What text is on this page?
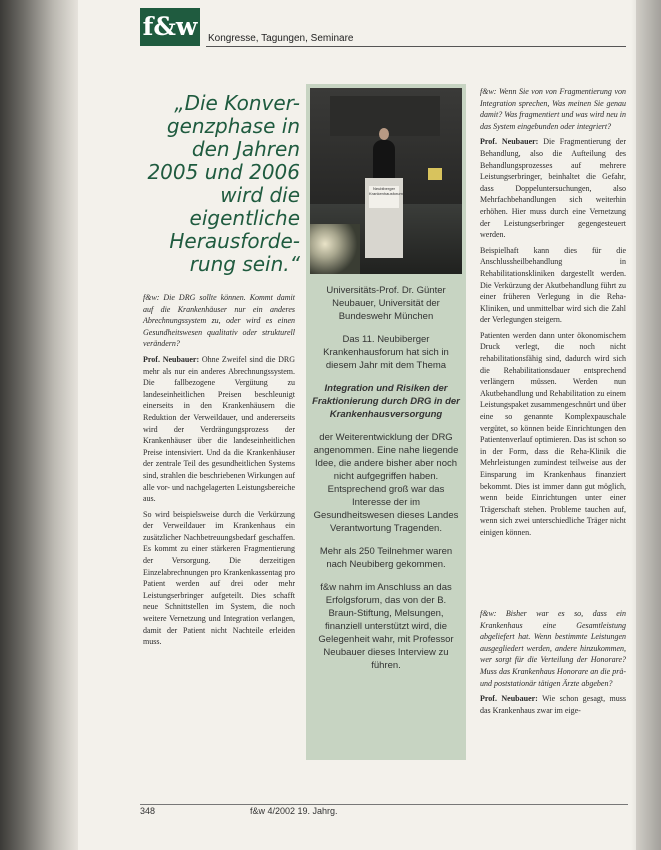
f&w Kongresse, Tagungen, Seminare
„Die Konver-
genzphase in
den Jahren
2005 und 2006
wird die
eigentliche
Herausforde-
rung sein.“

f&w: Die DRG sollte können. Kommt damit auf die Krankenhäuser nur ein anderes Abrechnungssystem zu, oder wird es einen Gesundheitswesen qualitativ oder strukturell verändern?

Prof. Neubauer: Ohne Zweifel sind die DRG mehr als nur ein anderes Abrechnungssystem. Die fallbezogene Vergütung zu landeseinheitlichen Preisen beschleunigt einerseits in den Krankenhäusern die Reduktion der Verweildauer, und andererseits wird der Verdrängungsprozess der Krankenhäuser über die landeseinheitlichen Preise intensiviert. Und da die Krankenhäuser der zentrale Teil des gesundheitlichen Systems sind, strahlen die beschriebenen Wirkungen auf alle vor- und nachgelagerten Leistungsbereiche aus.

So wird beispielsweise durch die Verkürzung der Verweildauer im Krankenhaus ein zusätzlicher Nachbetreuungsbedarf geschaffen. Es kommt zu einer stärkeren Fragmentierung der Versorgung. Die derzeitigen Einzelabrechnungen pro Krankenkassentag pro Patient werden auf drei oder mehr Leistungserbringer aufgeteilt. Dies schafft neue Schnittstellen im System, die noch weitere Vernetzung und Integration verlangen, damit der Patient nicht Nachteile erleiden muss.

Neubiberger Krankenhausforum

Universitäts-Prof. Dr. Günter Neubauer, Universität der Bundeswehr München

Das 11. Neubiberger Krankenhausforum hat sich in diesem Jahr mit dem Thema

Integration und Risiken der Fraktionierung durch DRG in der Krankenhausversorgung

der Weiterentwicklung der DRG angenommen. Eine nahe liegende Idee, die andere bisher aber noch nicht aufgegriffen haben. Entsprechend groß war das Interesse der im Gesundheitswesen dieses Landes Verantwortung Tragenden.

Mehr als 250 Teilnehmer waren nach Neubiberg gekommen.

f&w nahm im Anschluss an das Erfolgsforum, das von der B. Braun-Stiftung, Melsungen, finanziell unterstützt wird, die Gelegenheit wahr, mit Professor Neubauer dieses Interview zu führen.

f&w: Wenn Sie von von Fragmentierung von Integration sprechen, Was meinen Sie genau damit? Was fragmentiert und was wird neu in das System eingebunden oder integriert?

Prof. Neubauer: Die Fragmentierung der Behandlung, also die Aufteilung des Behandlungsprozesses auf mehrere Leistungserbringer, beinhaltet die Gefahr, dass Doppeluntersuchungen, also Mehrfachbehandlungen sich weiterhin erhöhen. Hier muss durch eine Vernetzung der Leistungserbringer gegengesteuert werden.

Beispielhaft kann dies für die Anschlussheilbehandlung in Rehabilitationskliniken dargestellt werden. Die Verkürzung der Akutbehandlung führt zu einer früheren Verlegung in die Reha-Kliniken, und unmittelbar wird sich die Zahl der Verlegungen steigern.

Patienten werden dann unter ökonomischem Druck verlegt, die noch nicht rehabilitationsfähig sind, dadurch wird sich die Rehabilitationsdauer entsprechend verlängern müssen. Werden nun Akutbehandlung und Rehabilitation zu einem Leistungspaket zusammengeschnürt und über eine so genannte Komplexpauschale vergütet, so können beide Einrichtungen den Patientenverlauf optimieren. Das ist schon so in der Form, dass die Reha-Klinik die Mehrleistungen zumindest teilweise aus der Einsparung im Krankenhaus finanziert bekommt. Dies ist immer dann gut möglich, wenn beide Einrichtungen unter einer Trägerschaft stehen. Probleme tauchen auf, wenn sich zwei unterschiedliche Träger nicht einigen können.

f&w: Bisher war es so, dass ein Krankenhaus eine Gesamtleistung abgeliefert hat. Wenn bestimmte Leistungen ausgegliedert werden, andere hinzukommen, wer sorgt für die Verteilung der Honorare? Muss das Krankenhaus Honorare an die prä- und poststationär tätigen Ärzte abgeben?

Prof. Neubauer: Wie schon gesagt, muss das Krankenhaus zwar im eige-

348	f&w 4/2002 19. Jahrg.
